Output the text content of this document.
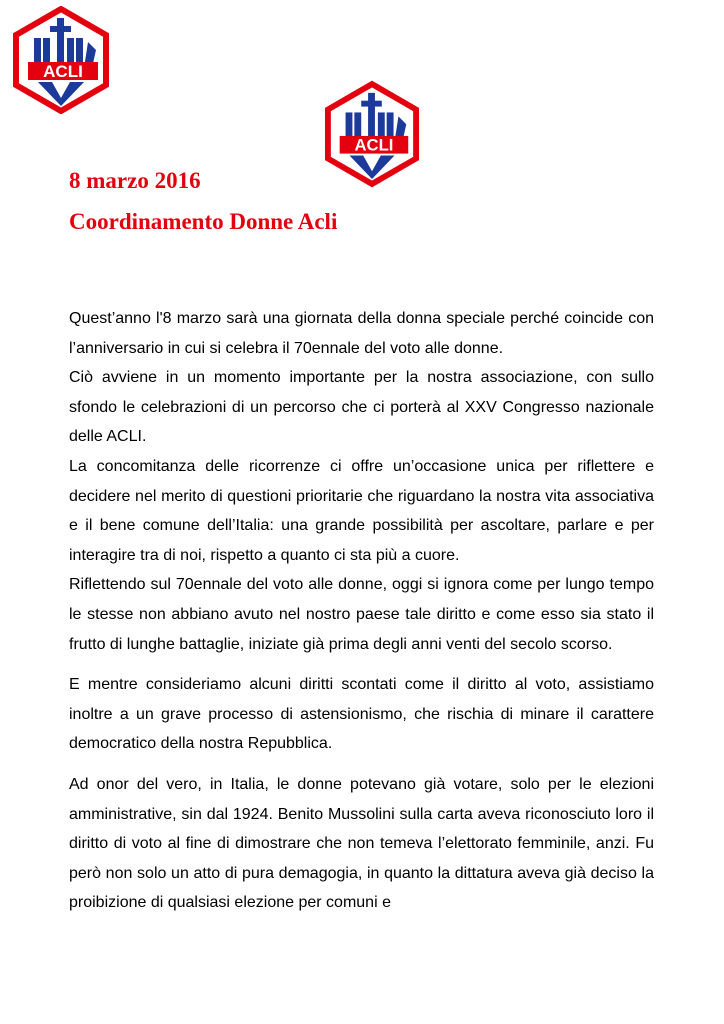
ACLI
ACLI
8 marzo 2016
Coordinamento Donne Acli

Quest’anno l'8 marzo sarà una giornata della donna speciale perché coincide con l’anniversario in cui si celebra il 70ennale del voto alle donne.

Ciò avviene in un momento importante per la nostra associazione, con sullo sfondo le celebrazioni di un percorso che ci porterà al XXV Congresso nazionale delle ACLI.

La concomitanza delle ricorrenze ci offre un’occasione unica per riflettere e decidere nel merito di questioni prioritarie che riguardano la nostra vita associativa e il bene comune dell’Italia: una grande possibilità per ascoltare, parlare e per interagire tra di noi, rispetto a quanto ci sta più a cuore.

Riflettendo sul 70ennale del voto alle donne, oggi si ignora come per lungo tempo le stesse non abbiano avuto nel nostro paese tale diritto e come esso sia stato il frutto di lunghe battaglie, iniziate già prima degli anni venti del secolo scorso.

E mentre consideriamo alcuni diritti scontati come il diritto al voto, assistiamo inoltre a un grave processo di astensionismo, che rischia di minare il carattere democratico della nostra Repubblica.

Ad onor del vero, in Italia, le donne potevano già votare, solo per le elezioni amministrative, sin dal 1924. Benito Mussolini sulla carta aveva riconosciuto loro il diritto di voto al fine di dimostrare che non temeva l’elettorato femminile, anzi. Fu però non solo un atto di pura demagogia, in quanto la dittatura aveva già deciso la proibizione di qualsiasi elezione per comuni e
